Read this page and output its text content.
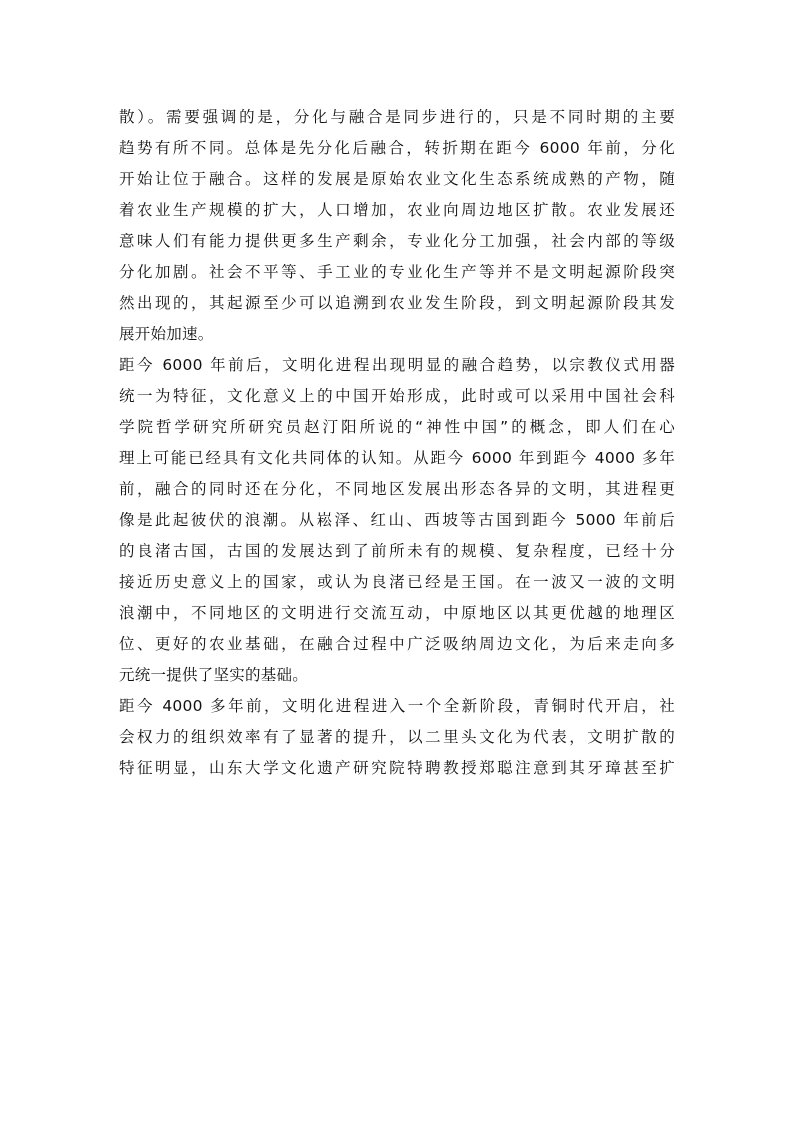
散）。需要强调的是，分化与融合是同步进行的，只是不同时期的主要
趋势有所不同。总体是先分化后融合，转折期在距今 6000 年前，分化
开始让位于融合。这样的发展是原始农业文化生态系统成熟的产物，随
着农业生产规模的扩大，人口增加，农业向周边地区扩散。农业发展还
意味人们有能力提供更多生产剩余，专业化分工加强，社会内部的等级
分化加剧。社会不平等、手工业的专业化生产等并不是文明起源阶段突
然出现的，其起源至少可以追溯到农业发生阶段，到文明起源阶段其发
展开始加速。
距今 6000 年前后，文明化进程出现明显的融合趋势，以宗教仪式用器
统一为特征，文化意义上的中国开始形成，此时或可以采用中国社会科
学院哲学研究所研究员赵汀阳所说的“神性中国”的概念，即人们在心
理上可能已经具有文化共同体的认知。从距今 6000 年到距今 4000 多年
前，融合的同时还在分化，不同地区发展出形态各异的文明，其进程更
像是此起彼伏的浪潮。从崧泽、红山、西坡等古国到距今 5000 年前后
的良渚古国，古国的发展达到了前所未有的规模、复杂程度，已经十分
接近历史意义上的国家，或认为良渚已经是王国。在一波又一波的文明
浪潮中，不同地区的文明进行交流互动，中原地区以其更优越的地理区
位、更好的农业基础，在融合过程中广泛吸纳周边文化，为后来走向多
元统一提供了坚实的基础。
距今 4000 多年前，文明化进程进入一个全新阶段，青铜时代开启，社
会权力的组织效率有了显著的提升，以二里头文化为代表，文明扩散的
特征明显，山东大学文化遗产研究院特聘教授郑聪注意到其牙璋甚至扩
